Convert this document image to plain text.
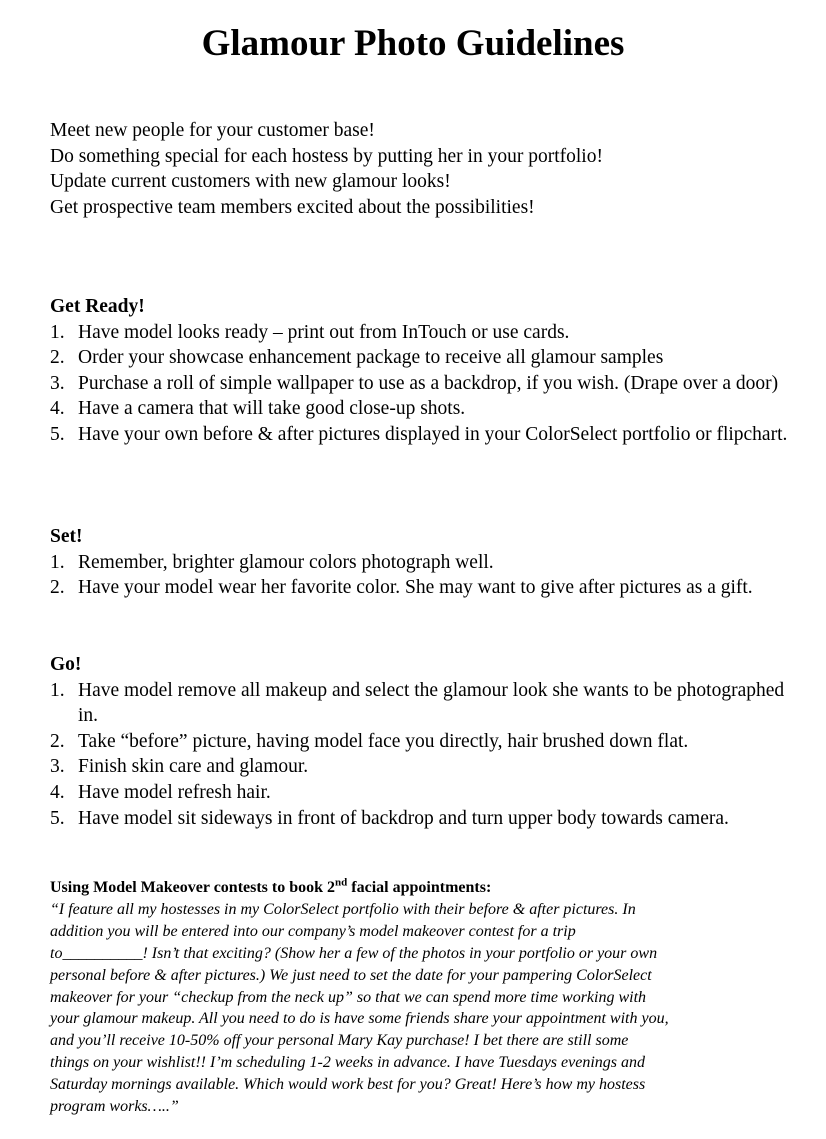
Glamour Photo Guidelines
Meet new people for your customer base!
Do something special for each hostess by putting her in your portfolio!
Update current customers with new glamour looks!
Get prospective team members excited about the possibilities!
Get Ready!
1. Have model looks ready – print out from InTouch or use cards.
2. Order your showcase enhancement package to receive all glamour samples
3. Purchase a roll of simple wallpaper to use as a backdrop, if you wish. (Drape over a door)
4. Have a camera that will take good close-up shots.
5. Have your own before & after pictures displayed in your ColorSelect portfolio or flipchart.
Set!
1. Remember, brighter glamour colors photograph well.
2. Have your model wear her favorite color. She may want to give after pictures as a gift.
Go!
1. Have model remove all makeup and select the glamour look she wants to be photographed in.
2. Take “before” picture, having model face you directly, hair brushed down flat.
3. Finish skin care and glamour.
4. Have model refresh hair.
5. Have model sit sideways in front of backdrop and turn upper body towards camera.
Using Model Makeover contests to book 2nd facial appointments:
“I feature all my hostesses in my ColorSelect portfolio with their before & after pictures. In
addition you will be entered into our company’s model makeover contest for a trip
to__________! Isn’t that exciting? (Show her a few of the photos in your portfolio or your own
personal before & after pictures.) We just need to set the date for your pampering ColorSelect
makeover for your “checkup from the neck up” so that we can spend more time working with
your glamour makeup. All you need to do is have some friends share your appointment with you,
and you’ll receive 10-50% off your personal Mary Kay purchase! I bet there are still some
things on your wishlist!! I’m scheduling 1-2 weeks in advance. I have Tuesdays evenings and
Saturday mornings available. Which would work best for you? Great! Here’s how my hostess
program works…..”
